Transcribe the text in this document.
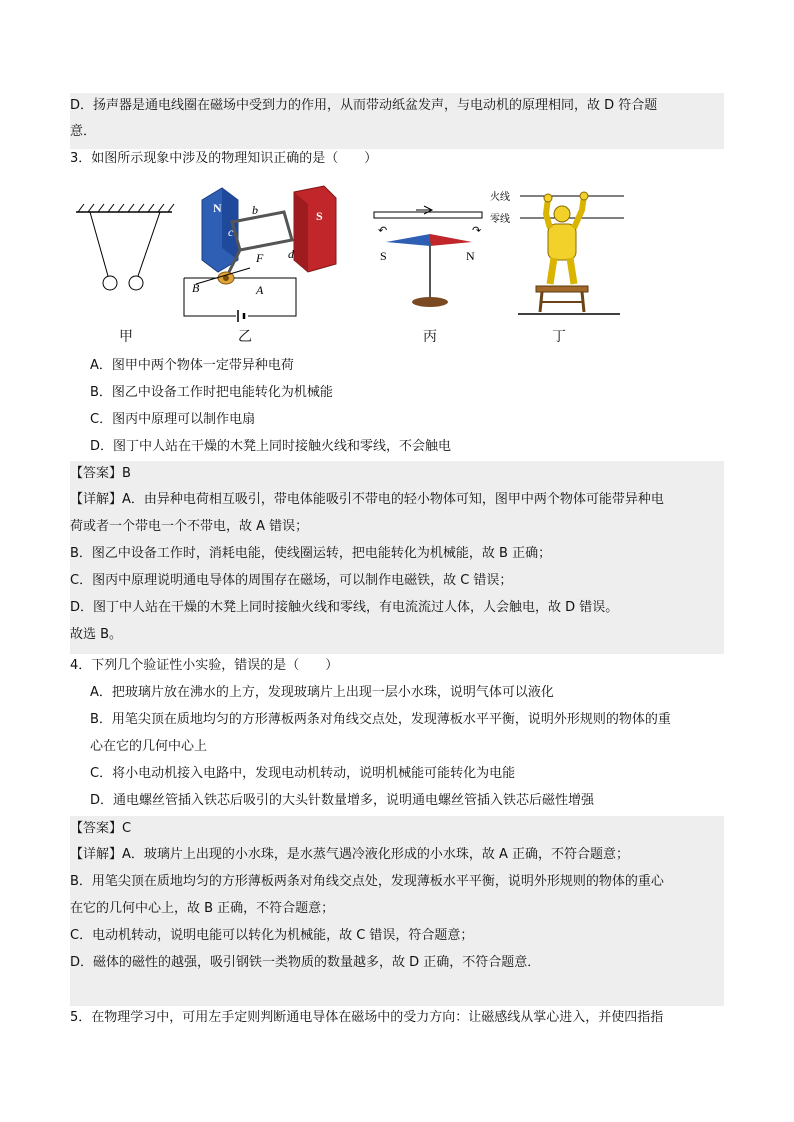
D．扬声器是通电线圈在磁场中受到力的作用，从而带动纸盆发声，与电动机的原理相同，故 D 符合题
意．
3．如图所示现象中涉及的物理知识正确的是（　　）
N
S
b
c
F d
B	A
↶	↷
S	N
火线
零线
甲	乙	丙	丁
A．图甲中两个物体一定带异种电荷
B．图乙中设备工作时把电能转化为机械能
C．图丙中原理可以制作电扇
D．图丁中人站在干燥的木凳上同时接触火线和零线，不会触电
【答案】B
【详解】A．由异种电荷相互吸引，带电体能吸引不带电的轻小物体可知，图甲中两个物体可能带异种电
荷或者一个带电一个不带电，故 A 错误；
B．图乙中设备工作时，消耗电能，使线圈运转，把电能转化为机械能，故 B 正确；
C．图丙中原理说明通电导体的周围存在磁场，可以制作电磁铁，故 C 错误；
D．图丁中人站在干燥的木凳上同时接触火线和零线，有电流流过人体，人会触电，故 D 错误。
故选 B。
4．下列几个验证性小实验，错误的是（　　）
A．把玻璃片放在沸水的上方，发现玻璃片上出现一层小水珠，说明气体可以液化
B．用笔尖顶在质地均匀的方形薄板两条对角线交点处，发现薄板水平平衡，说明外形规则的物体的重
心在它的几何中心上
C．将小电动机接入电路中，发现电动机转动，说明机械能可能转化为电能
D．通电螺丝管插入铁芯后吸引的大头针数量增多，说明通电螺丝管插入铁芯后磁性增强
【答案】C
【详解】A．玻璃片上出现的小水珠，是水蒸气遇冷液化形成的小水珠，故 A 正确，不符合题意；
B．用笔尖顶在质地均匀的方形薄板两条对角线交点处，发现薄板水平平衡，说明外形规则的物体的重心
在它的几何中心上，故 B 正确，不符合题意；
C．电动机转动，说明电能可以转化为机械能，故 C 错误，符合题意；
D．磁体的磁性的越强，吸引钢铁一类物质的数量越多，故 D 正确，不符合题意．
5．在物理学习中，可用左手定则判断通电导体在磁场中的受力方向：让磁感线从掌心进入，并使四指指
